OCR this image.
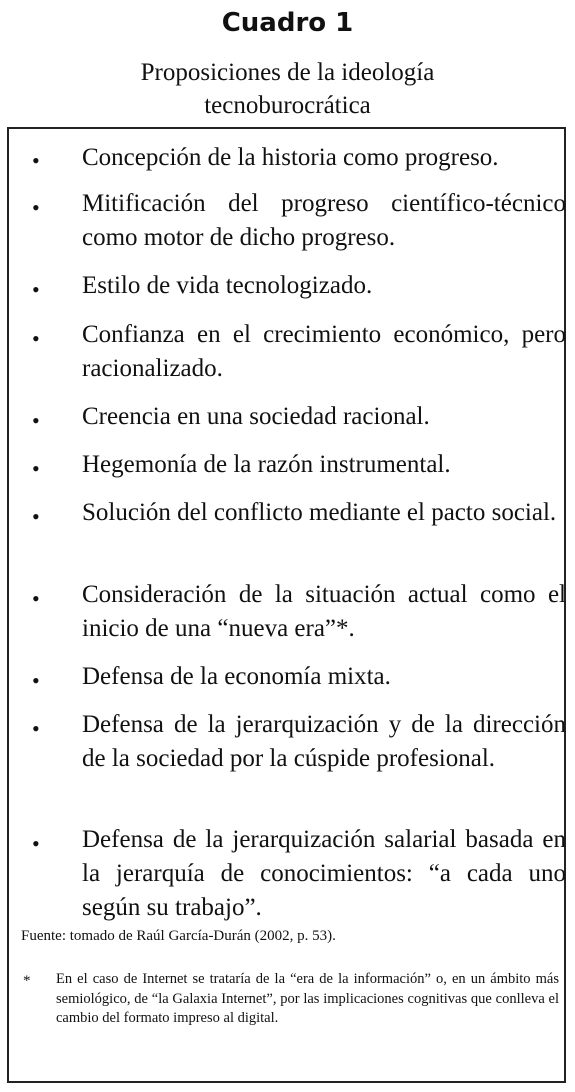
Cuadro 1
Proposiciones de la ideología
tecnoburocrática
• Concepción de la historia como progreso.
• Mitificación del progreso científico-técnico como motor de dicho progreso.
• Estilo de vida tecnologizado.
• Confianza en el crecimiento económico, pero racionalizado.
• Creencia en una sociedad racional.
• Hegemonía de la razón instrumental.
• Solución del conflicto mediante el pacto social.
• Consideración de la situación actual como el inicio de una “nueva era”*.
• Defensa de la economía mixta.
• Defensa de la jerarquización y de la dirección de la sociedad por la cúspide profesional.
• Defensa de la jerarquización salarial basada en la jerarquía de conocimientos: “a cada uno según su trabajo”.
Fuente: tomado de Raúl García-Durán (2002, p. 53).
* En el caso de Internet se trataría de la “era de la información” o, en un ámbito más semiológico, de “la Galaxia Internet”, por las implicaciones cognitivas que conlleva el cambio del formato impreso al digital.
